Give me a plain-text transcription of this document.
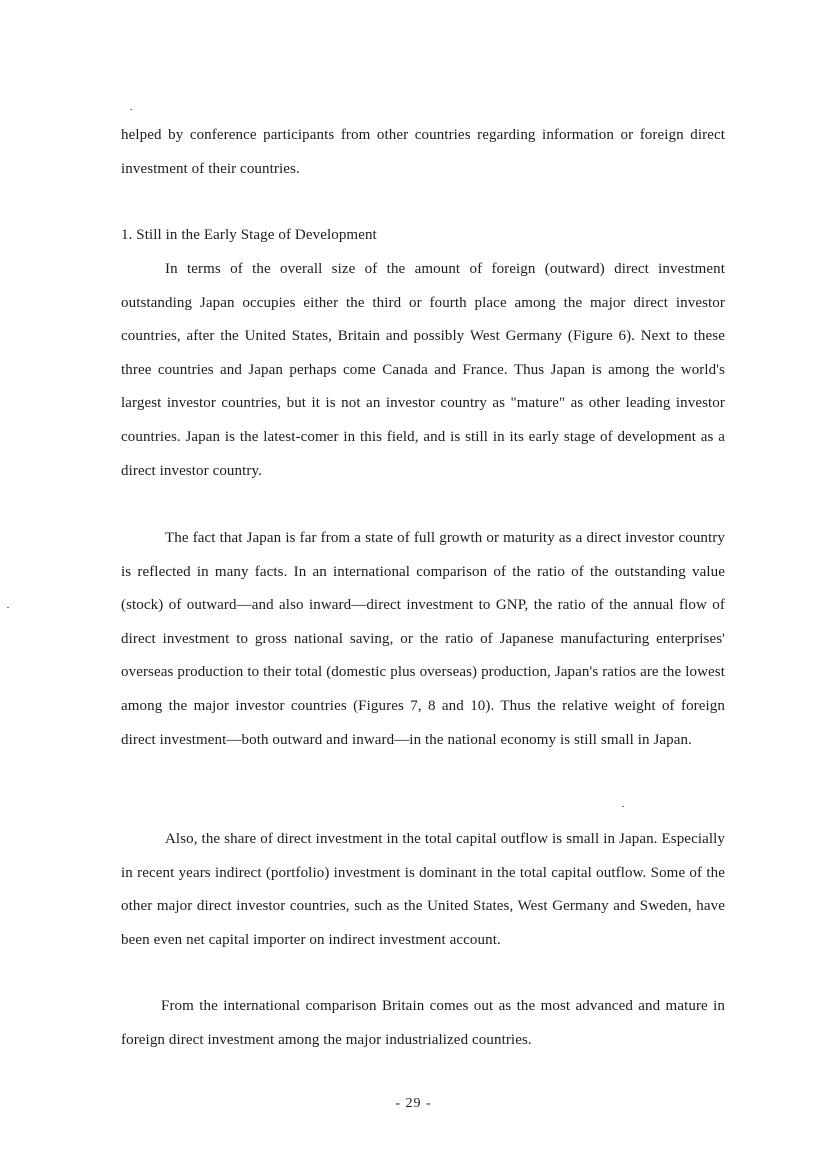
helped by conference participants from other countries regarding information or foreign direct investment of their countries.

1. Still in the Early Stage of Development

In terms of the overall size of the amount of foreign (outward) direct investment outstanding Japan occupies either the third or fourth place among the major direct investor countries, after the United States, Britain and possibly West Germany (Figure 6). Next to these three countries and Japan perhaps come Canada and France. Thus Japan is among the world's largest investor countries, but it is not an investor country as "mature" as other leading investor countries. Japan is the latest-comer in this field, and is still in its early stage of development as a direct investor country.

The fact that Japan is far from a state of full growth or maturity as a direct investor country is reflected in many facts. In an international comparison of the ratio of the outstanding value (stock) of outward—and also inward—direct investment to GNP, the ratio of the annual flow of direct investment to gross national saving, or the ratio of Japanese manufacturing enterprises' overseas production to their total (domestic plus overseas) production, Japan's ratios are the lowest among the major investor countries (Figures 7, 8 and 10). Thus the relative weight of foreign direct investment—both outward and inward—in the national economy is still small in Japan.

Also, the share of direct investment in the total capital outflow is small in Japan. Especially in recent years indirect (portfolio) investment is dominant in the total capital outflow. Some of the other major direct investor countries, such as the United States, West Germany and Sweden, have been even net capital importer on indirect investment account.

From the international comparison Britain comes out as the most advanced and mature in foreign direct investment among the major industrialized countries.

- 29 -
